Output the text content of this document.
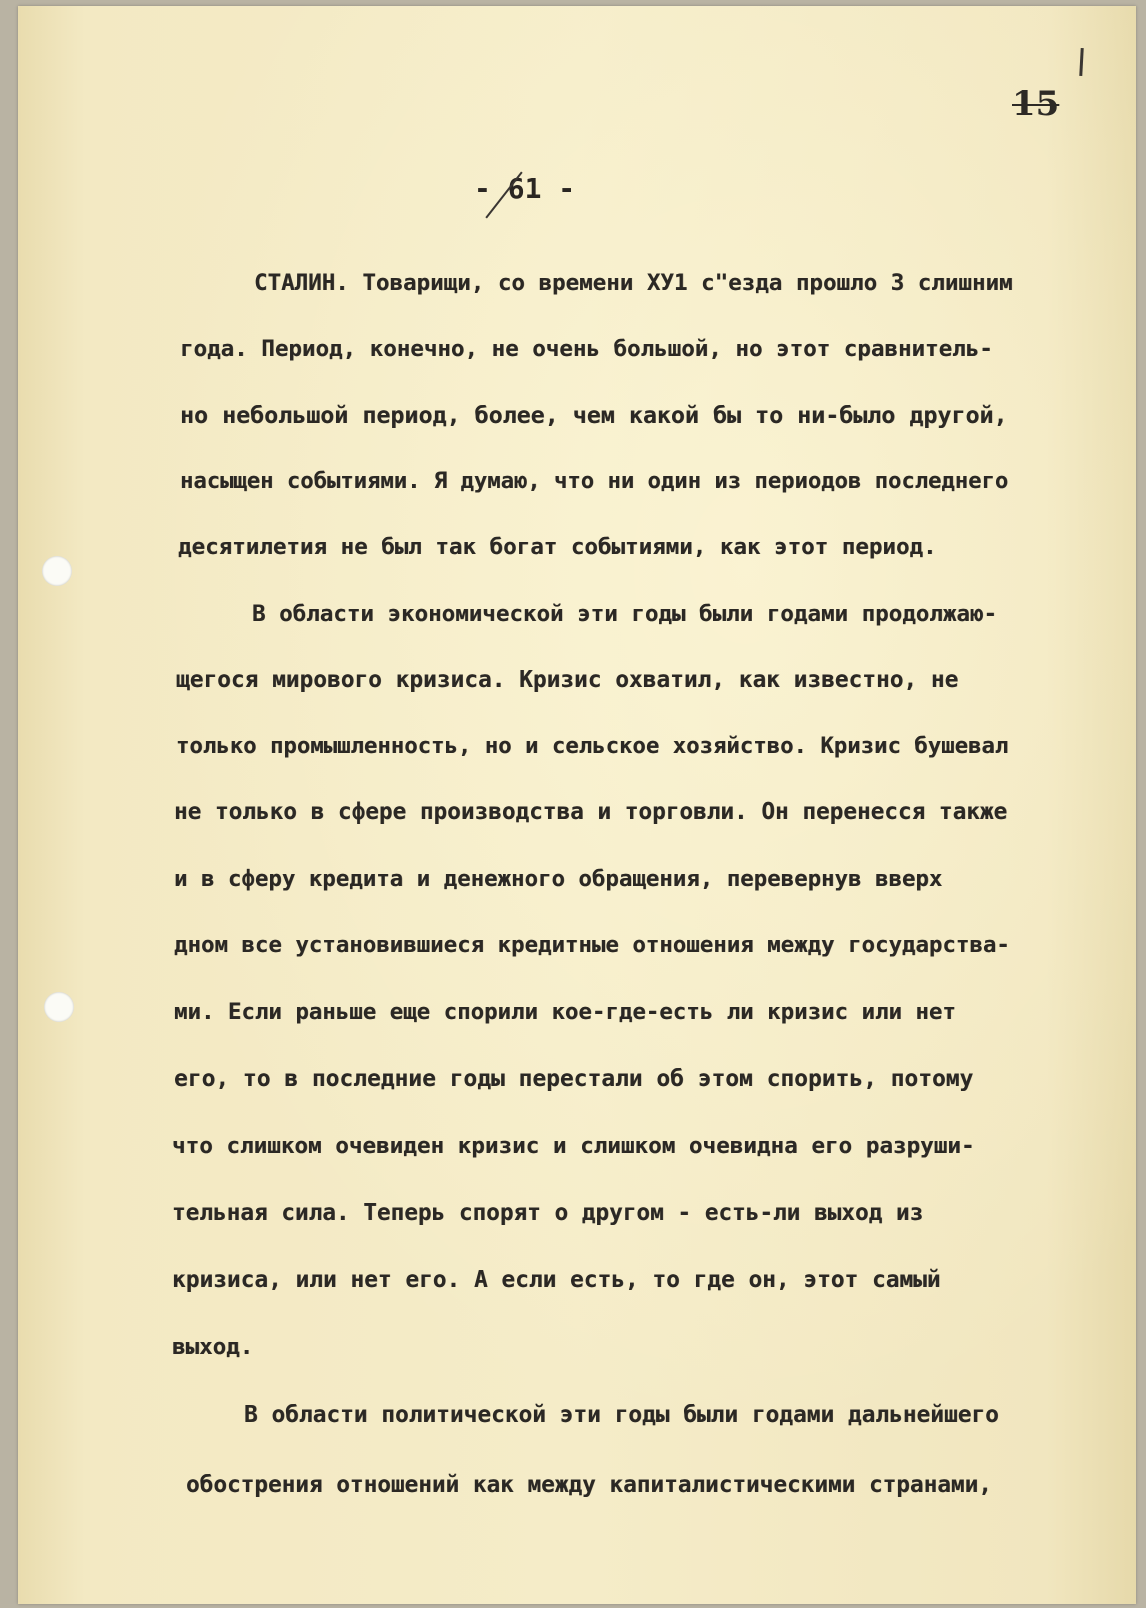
15
- 61 -

СТАЛИН. Товарищи, со времени ХУ1 с"езда прошло 3 слишним

года. Период, конечно, не очень большой, но этот сравнитель-

но небольшой период, более, чем какой бы то ни-было другой,

насыщен событиями. Я думаю, что ни один из периодов последнего

десятилетия не был так богат событиями, как этот период.

В области экономической эти годы были годами продолжаю-

щегося мирового кризиса. Кризис охватил, как известно, не

только промышленность, но и сельское хозяйство. Кризис бушевал

не только в сфере производства и торговли. Он перенесся также

и в сферу кредита и денежного обращения, перевернув вверх

дном все установившиеся кредитные отношения между государства-

ми. Если раньше еще спорили кое-где-есть ли кризис или нет

его, то в последние годы перестали об этом спорить, потому

что слишком очевиден кризис и слишком очевидна его разруши-

тельная сила. Теперь спорят о другом - есть-ли выход из

кризиса, или нет его. А если есть, то где он, этот самый

выход.

В области политической эти годы были годами дальнейшего

обострения отношений как между капиталистическими странами,
